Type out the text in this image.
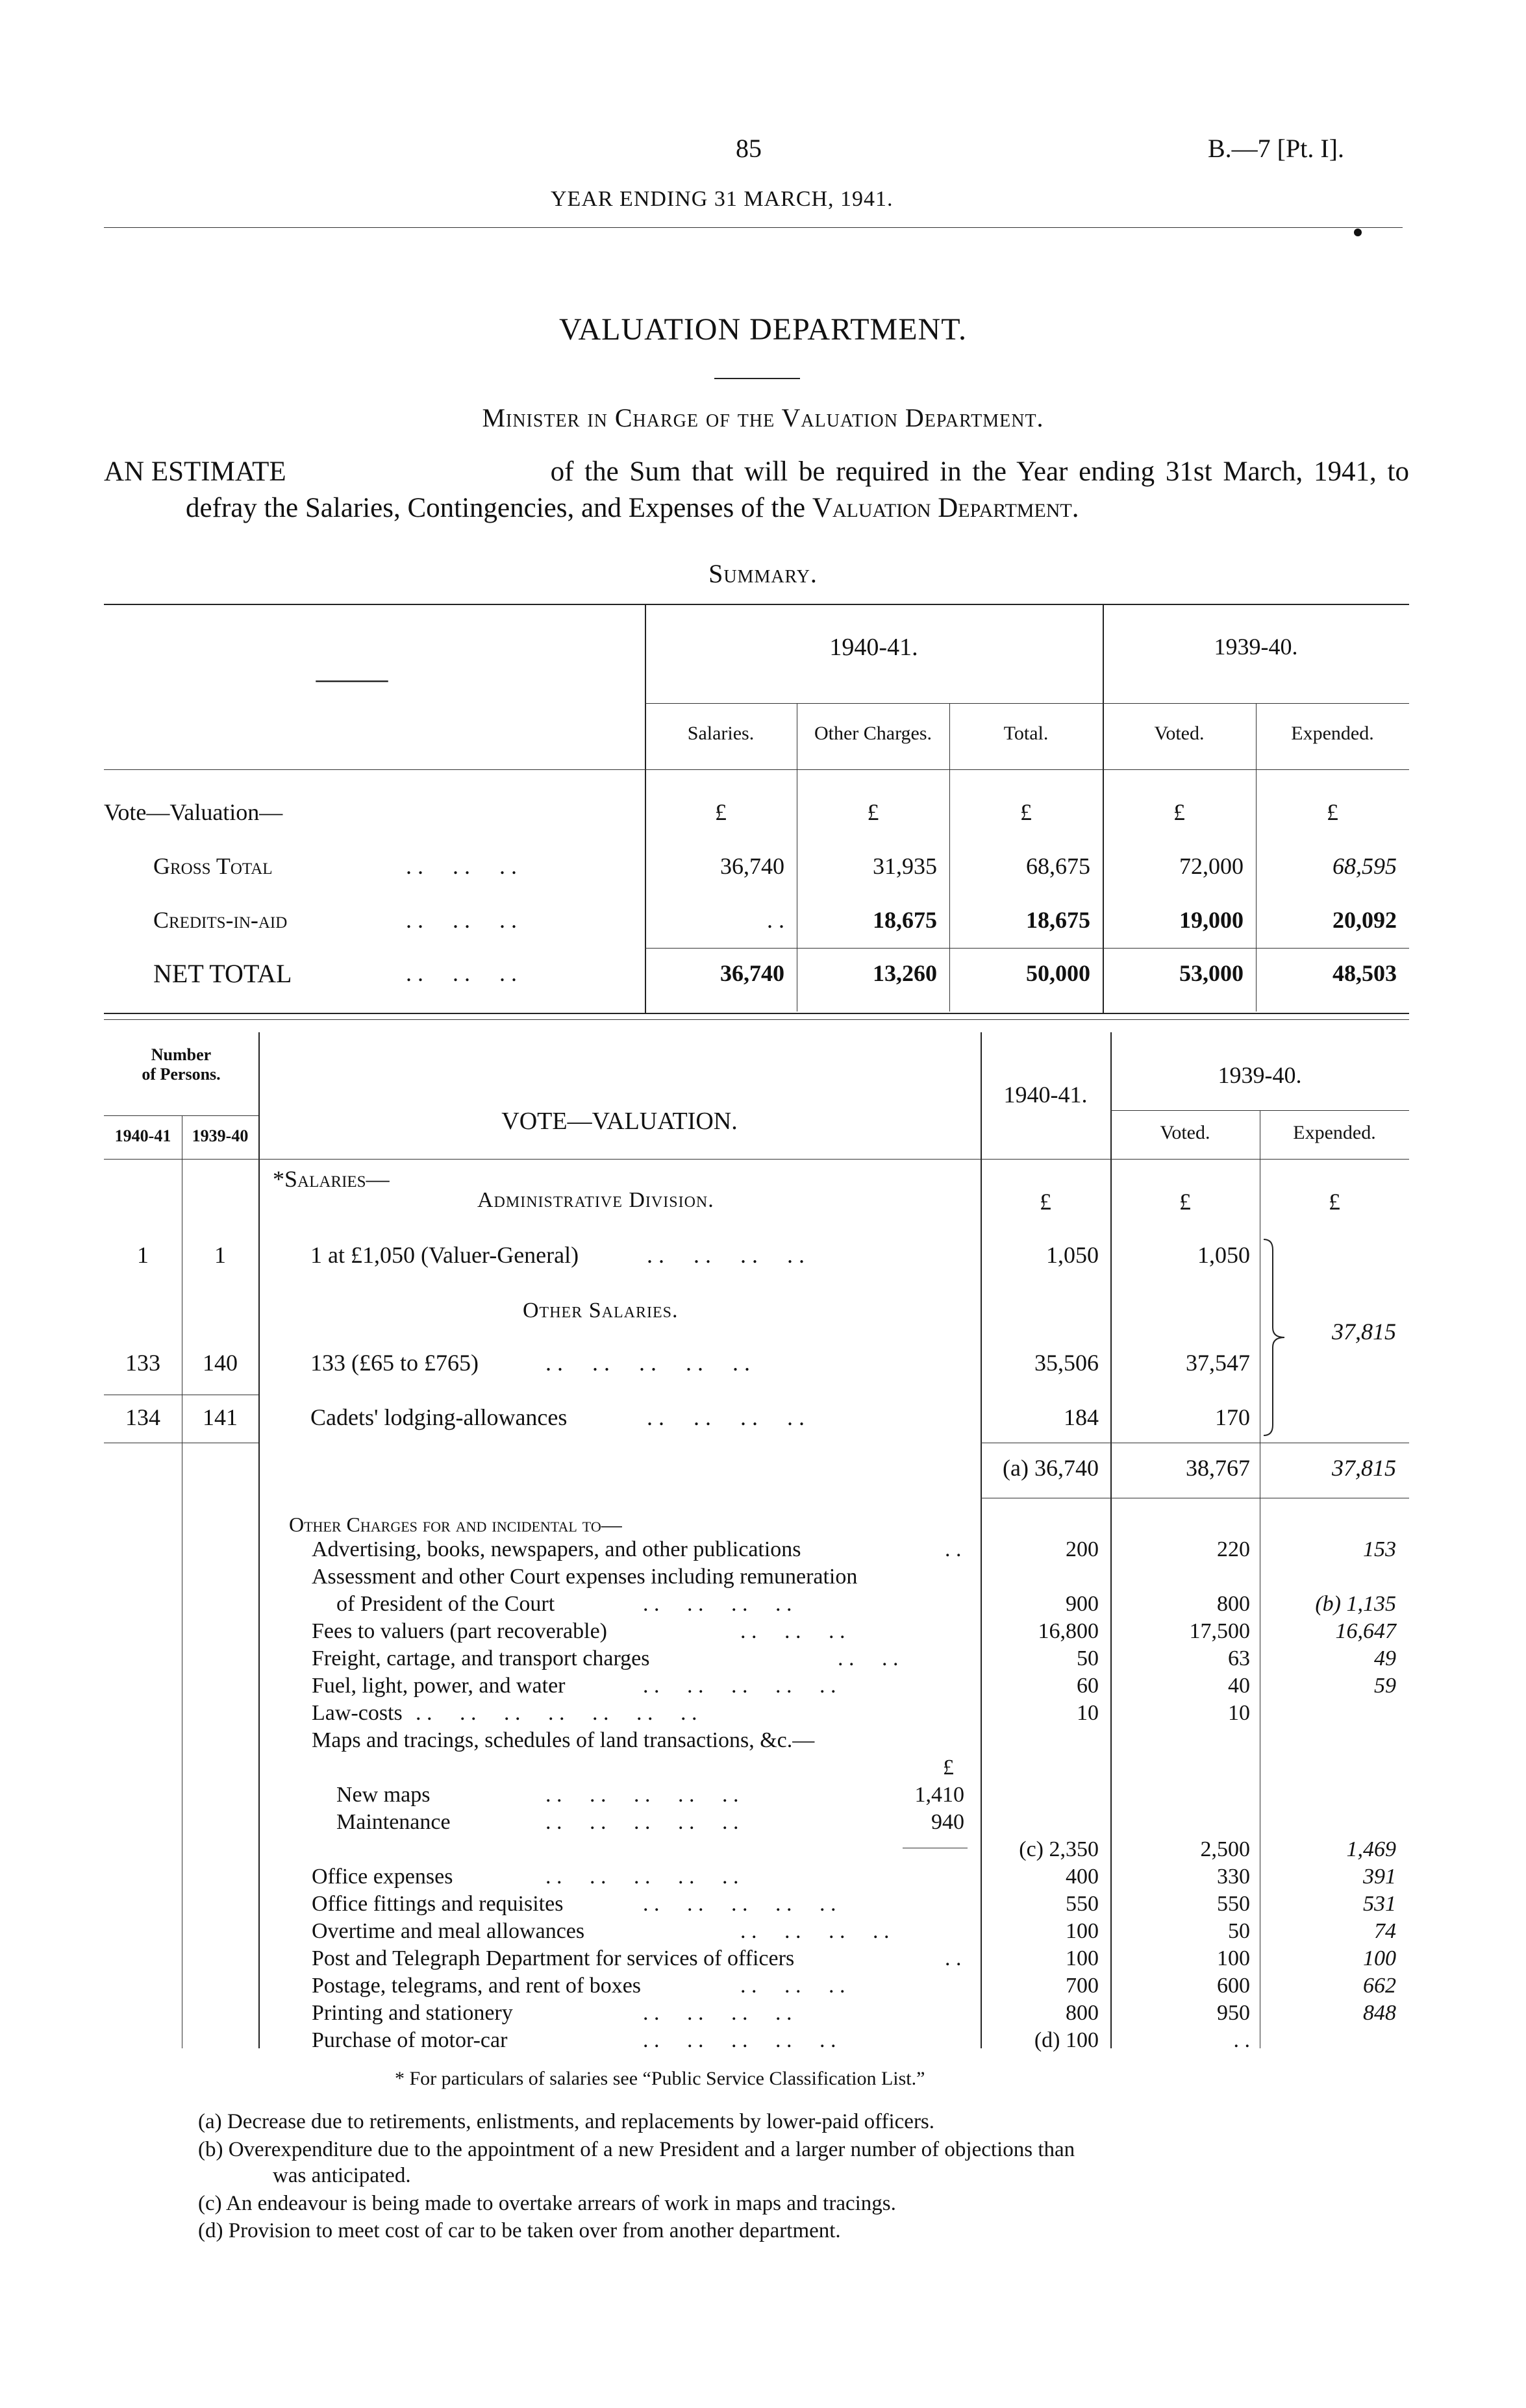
85	B.—7 [Pt. I].
YEAR ENDING 31 MARCH, 1941.
VALUATION DEPARTMENT.
Minister in Charge of the Valuation Department.
AN ESTIMATE	of the Sum that will be required in the Year ending 31st March, 1941, to
defray the Salaries, Contingencies, and Expenses of the Valuation Department.
Summary.
—
1940-41.	1939-40.
Salaries.	Other Charges.	Total.	Voted.	Expended.
Vote—Valuation—	£	£	£	£	£
Gross Total	. .     . .     . .	36,740	31,935	68,675	72,000	68,595
Credits-in-aid	. .     . .     . .	. .	18,675	18,675	19,000	20,092
NET TOTAL	. .     . .     . .	36,740	13,260	50,000	53,000	48,503
Number
of Persons.
1940-41	1939-40
VOTE—VALUATION.
1940-41.
1939-40.
Voted.	Expended.
*Salaries—
Administrative Division.	£	£	£
1	1	1 at £1,050 (Valuer-General)	. .     . .     . .     . .	1,050	1,050
Other Salaries.
133	140	133 (£65 to £765)	. .     . .     . .     . .     . .	35,506	37,547
134	141	Cadets' lodging-allowances	. .     . .     . .     . .	184	170
37,815
(a) 36,740	38,767	37,815
Other Charges for and incidental to—
Advertising, books, newspapers, and other publications	. .	200	220	153
Assessment and other Court expenses including remuneration
of President of the Court	. .     . .     . .     . .	900	800	(b) 1,135
Fees to valuers (part recoverable)	. .     . .     . .	16,800	17,500	16,647
Freight, cartage, and transport charges	. .     . .	50	63	49
Fuel, light, power, and water	. .     . .     . .     . .     . .	60	40	59
Law-costs . .     . .     . .     . .     . .     . .     . .	10	10
Maps and tracings, schedules of land transactions, &c.—
£
New maps	. .     . .     . .     . .     . .	1,410
Maintenance	. .     . .     . .     . .     . .	940
(c) 2,350	2,500	1,469
Office expenses	. .     . .     . .     . .     . .	400	330	391
Office fittings and requisites	. .     . .     . .     . .     . .	550	550	531
Overtime and meal allowances	. .     . .     . .     . .	100	50	74
Post and Telegraph Department for services of officers	. .	100	100	100
Postage, telegrams, and rent of boxes	. .     . .     . .	700	600	662
Printing and stationery	. .     . .     . .     . .	800	950	848
Purchase of motor-car	. .     . .     . .     . .     . .	(d) 100	. .
* For particulars of salaries see “Public Service Classification List.”
(a) Decrease due to retirements, enlistments, and replacements by lower-paid officers.
(b) Overexpenditure due to the appointment of a new President and a larger number of objections than
was anticipated.
(c) An endeavour is being made to overtake arrears of work in maps and tracings.
(d) Provision to meet cost of car to be taken over from another department.
